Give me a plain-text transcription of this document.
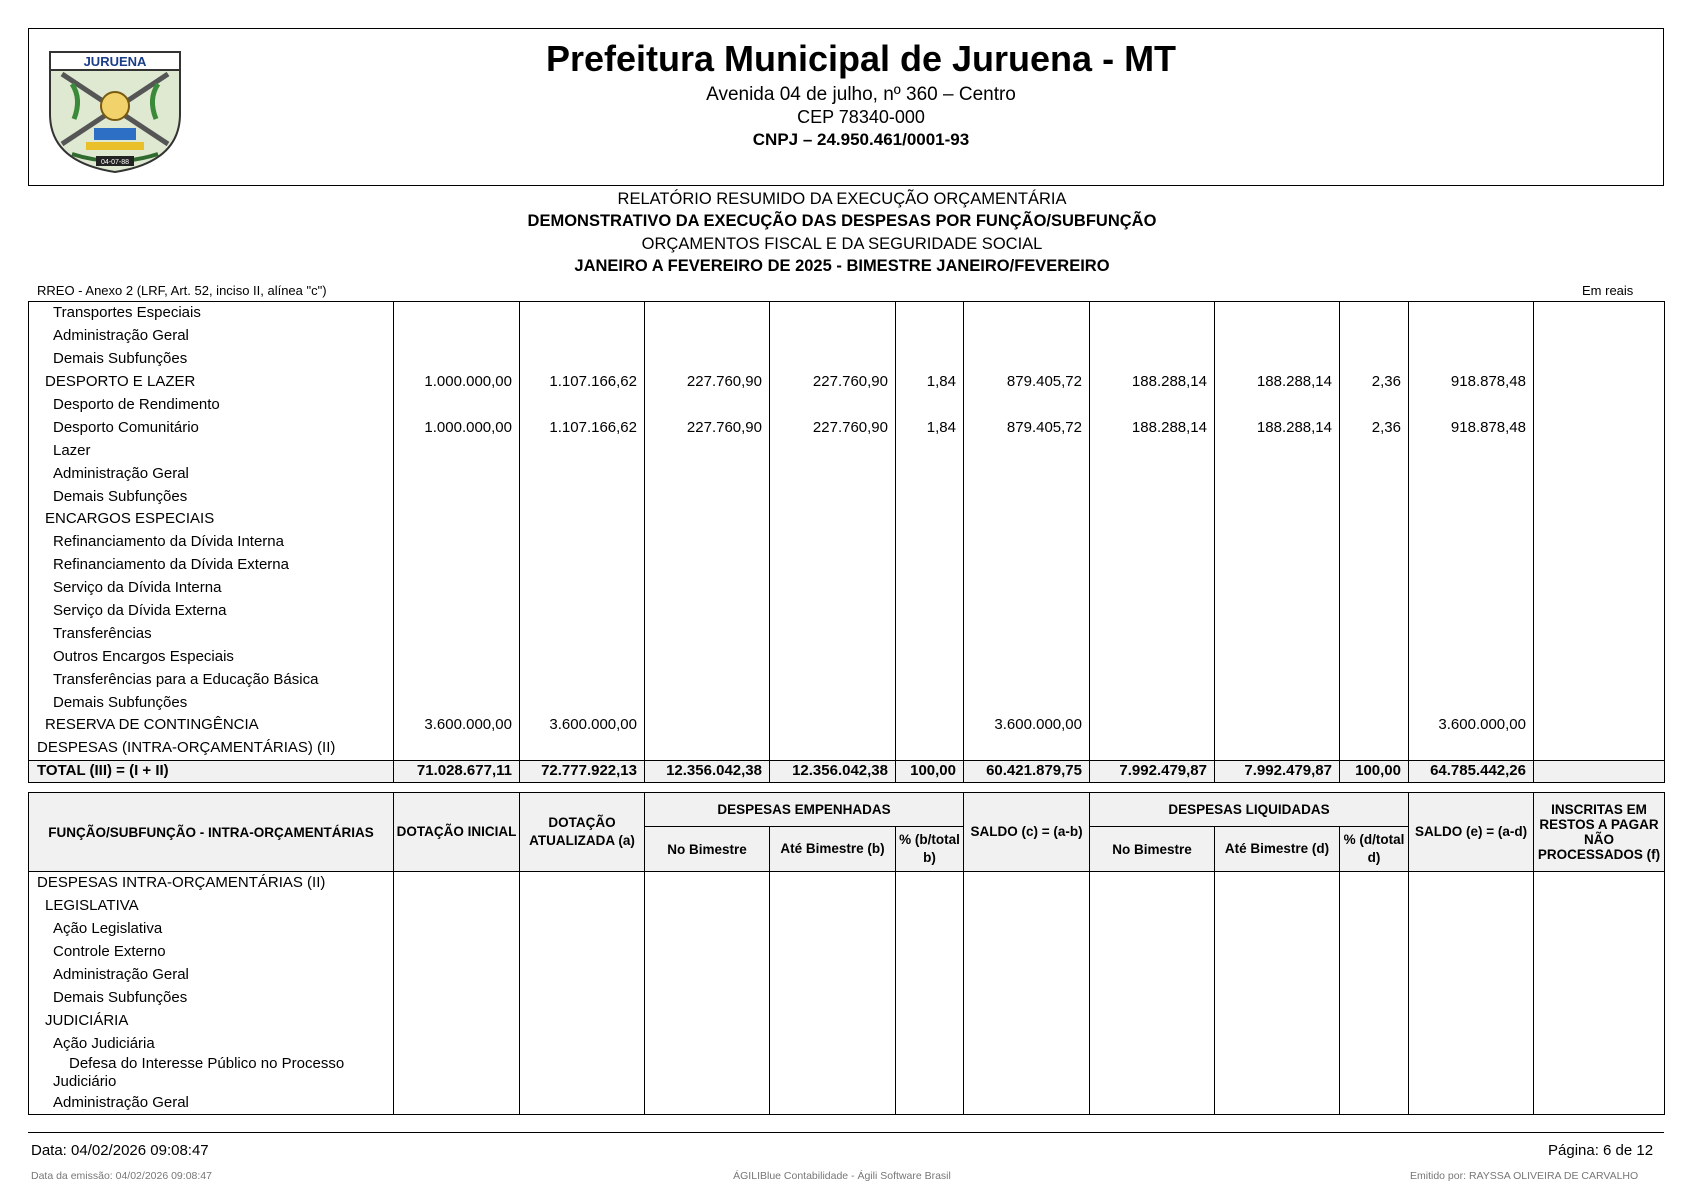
JURUENA
04-07-88
Prefeitura Municipal de Juruena - MT
Avenida 04 de julho, nº 360 – Centro
CEP 78340-000
CNPJ – 24.950.461/0001-93
RELATÓRIO RESUMIDO DA EXECUÇÃO ORÇAMENTÁRIA
DEMONSTRATIVO DA EXECUÇÃO DAS DESPESAS POR FUNÇÃO/SUBFUNÇÃO
ORÇAMENTOS FISCAL E DA SEGURIDADE SOCIAL
JANEIRO A FEVEREIRO DE 2025 - BIMESTRE JANEIRO/FEVEREIRO
RREO - Anexo 2 (LRF, Art. 52, inciso II, alínea "c")	Em reais
Transportes Especiais											
Administração Geral											
Demais Subfunções											
DESPORTO E LAZER	1.000.000,00	1.107.166,62	227.760,90	227.760,90	1,84	879.405,72	188.288,14	188.288,14	2,36	918.878,48	
Desporto de Rendimento											
Desporto Comunitário	1.000.000,00	1.107.166,62	227.760,90	227.760,90	1,84	879.405,72	188.288,14	188.288,14	2,36	918.878,48	
Lazer											
Administração Geral											
Demais Subfunções											
ENCARGOS ESPECIAIS											
Refinanciamento da Dívida Interna											
Refinanciamento da Dívida Externa											
Serviço da Dívida Interna											
Serviço da Dívida Externa											
Transferências											
Outros Encargos Especiais											
Transferências para a Educação Básica											
Demais Subfunções											
RESERVA DE CONTINGÊNCIA	3.600.000,00	3.600.000,00				3.600.000,00				3.600.000,00	
DESPESAS (INTRA-ORÇAMENTÁRIAS) (II)											
TOTAL (III) = (I + II)	71.028.677,11	72.777.922,13	12.356.042,38	12.356.042,38	100,00	60.421.879,75	7.992.479,87	7.992.479,87	100,00	64.785.442,26	
FUNÇÃO/SUBFUNÇÃO - INTRA-ORÇAMENTÁRIAS	DOTAÇÃO INICIAL	DOTAÇÃO ATUALIZADA (a)	DESPESAS EMPENHADAS			SALDO (c) = (a-b)	DESPESAS LIQUIDADAS			SALDO (e) = (a-d)	INSCRITAS EM RESTOS A PAGAR NÃO PROCESSADOS (f)
			No Bimestre	Até Bimestre (b)	% (b/total b)		No Bimestre	Até Bimestre (d)	% (d/total d)		
DESPESAS INTRA-ORÇAMENTÁRIAS (II)											
LEGISLATIVA											
Ação Legislativa											
Controle Externo											
Administração Geral											
Demais Subfunções											
JUDICIÁRIA											
Ação Judiciária											
Defesa do Interesse Público no Processo Judiciário											
Administração Geral											
Data: 04/02/2026 09:08:47	Página: 6 de 12
Data da emissão: 04/02/2026 09:08:47	ÁGILIBlue Contabilidade - Ágili Software Brasil	Emitido por: RAYSSA OLIVEIRA DE CARVALHO
